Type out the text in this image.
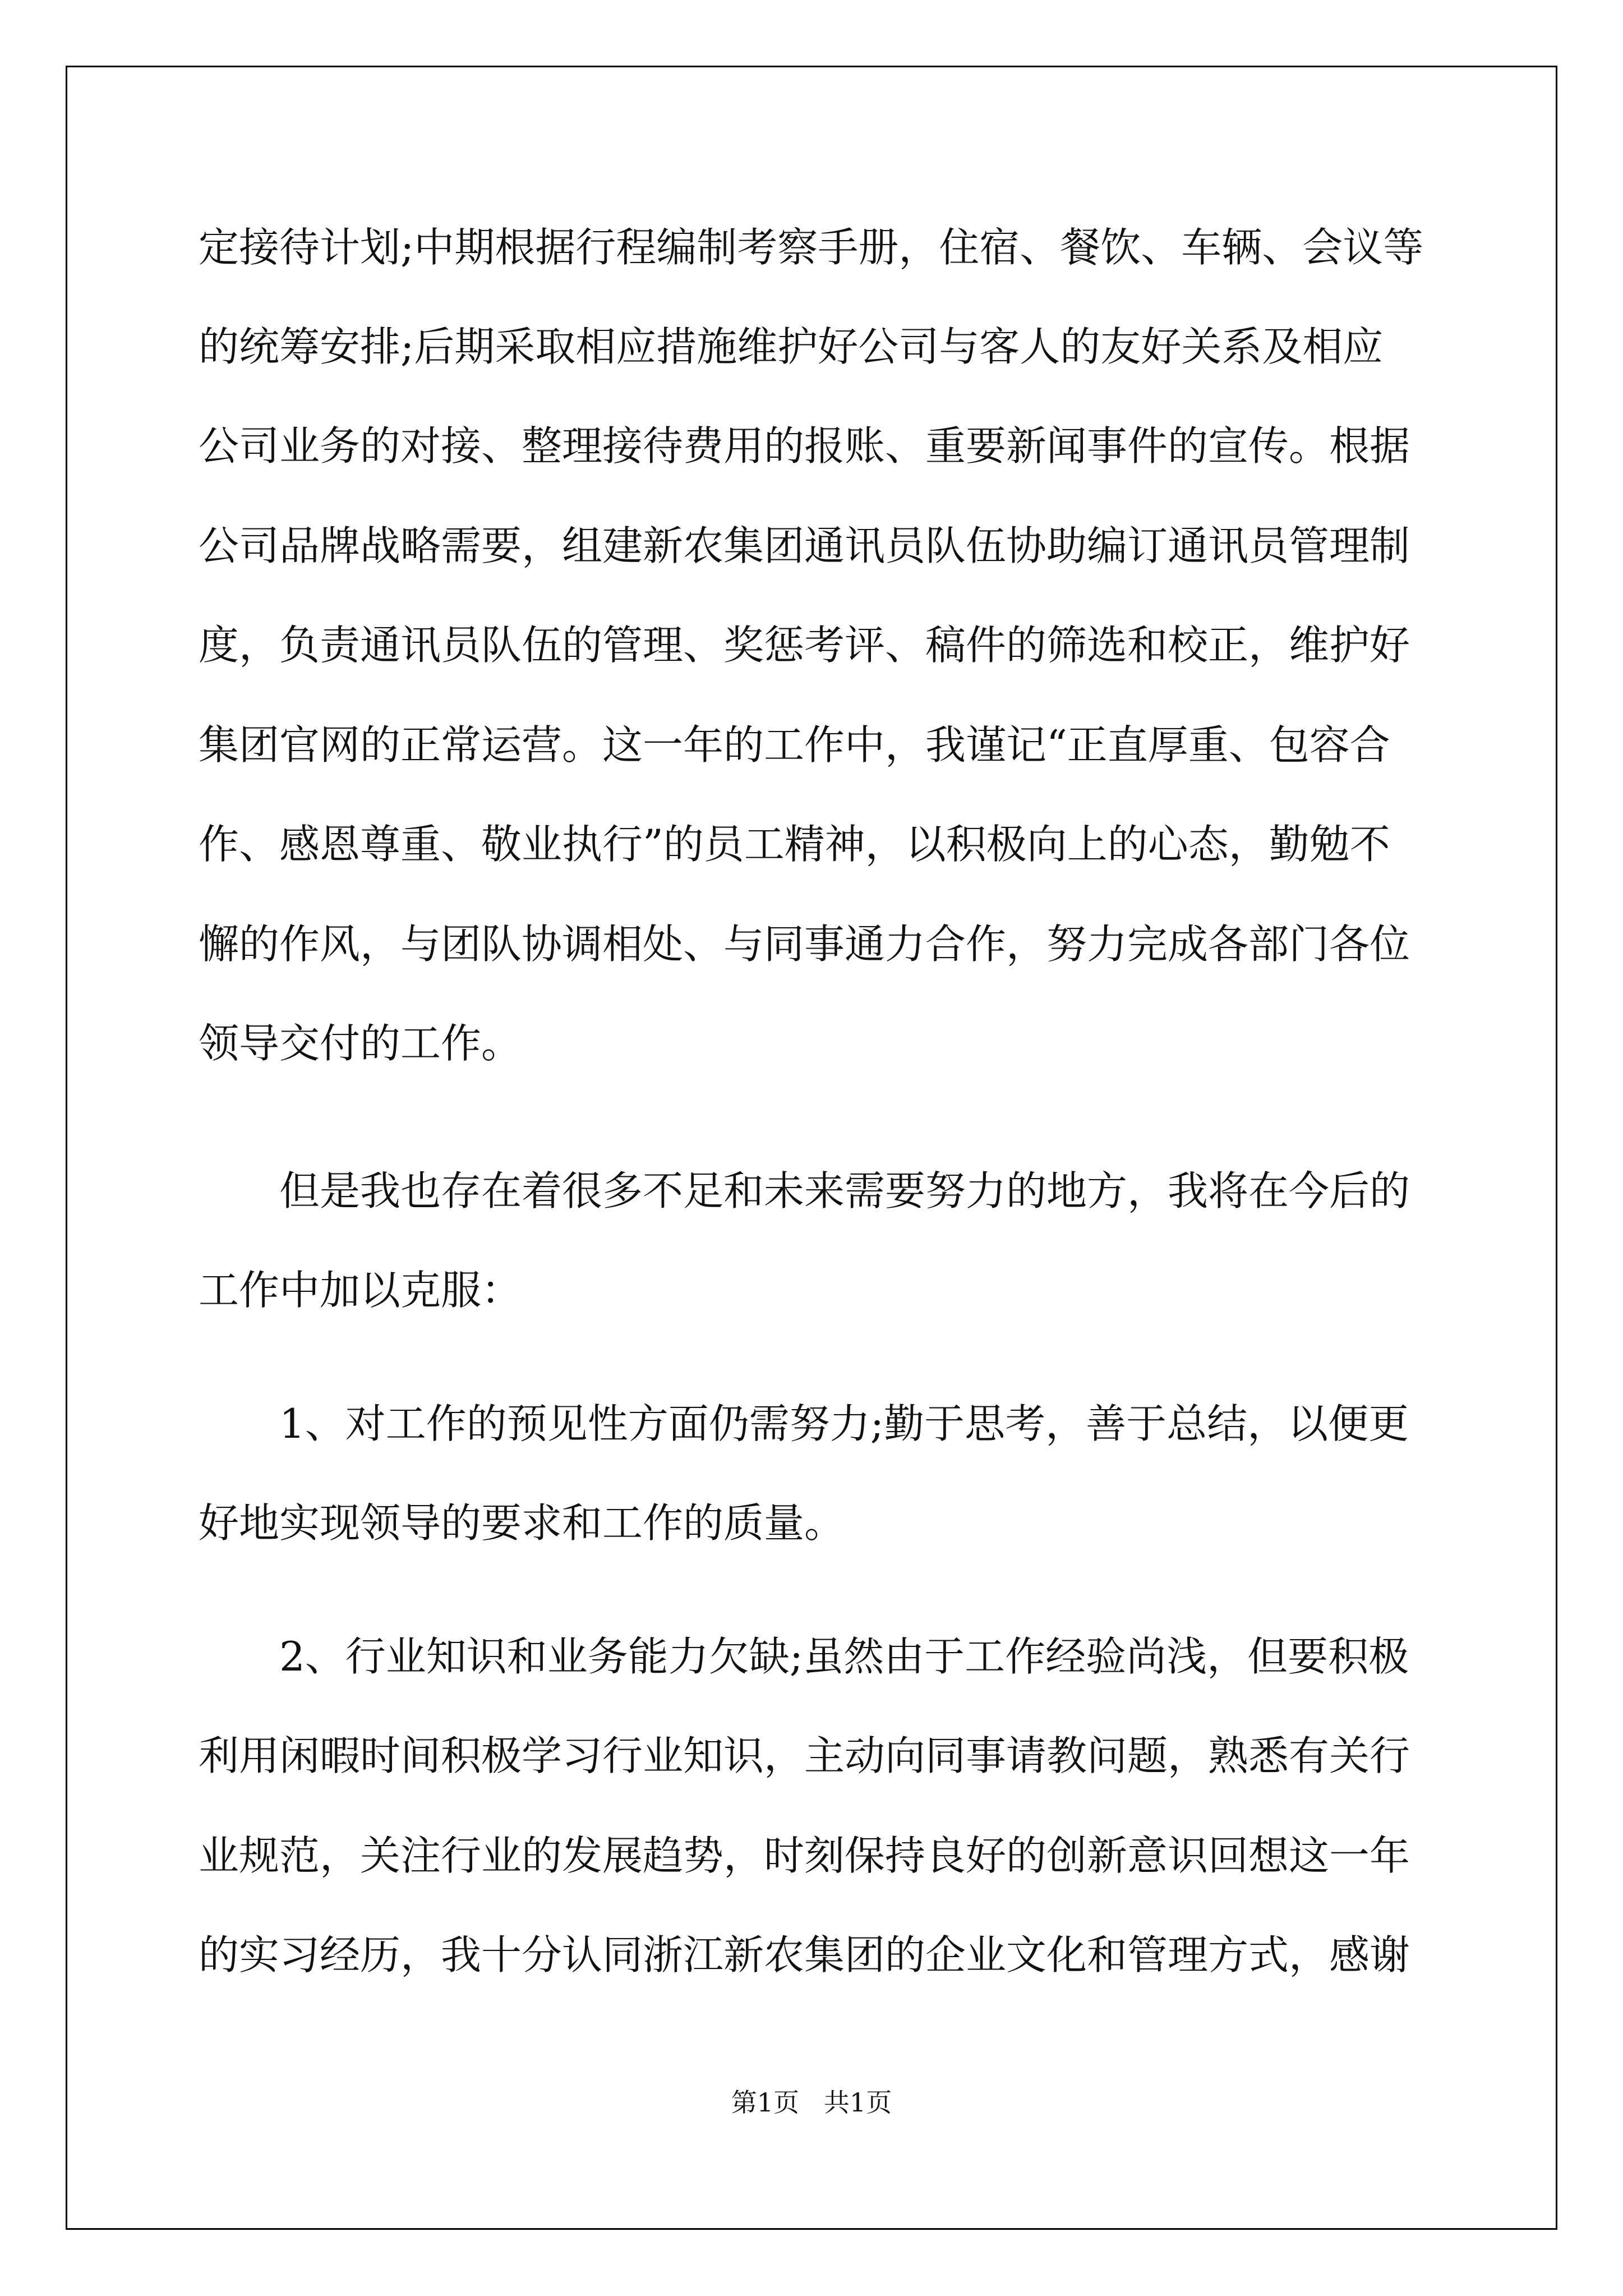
定接待计划;中期根据行程编制考察手册，住宿、餐饮、车辆、会议等
的统筹安排;后期采取相应措施维护好公司与客人的友好关系及相应
公司业务的对接、整理接待费用的报账、重要新闻事件的宣传。根据
公司品牌战略需要，组建新农集团通讯员队伍协助编订通讯员管理制
度，负责通讯员队伍的管理、奖惩考评、稿件的筛选和校正，维护好
集团官网的正常运营。这一年的工作中，我谨记“正直厚重、包容合
作、感恩尊重、敬业执行”的员工精神，以积极向上的心态，勤勉不
懈的作风，与团队协调相处、与同事通力合作，努力完成各部门各位
领导交付的工作。
但是我也存在着很多不足和未来需要努力的地方，我将在今后的
工作中加以克服：
1、对工作的预见性方面仍需努力;勤于思考，善于总结，以便更
好地实现领导的要求和工作的质量。
2、行业知识和业务能力欠缺;虽然由于工作经验尚浅，但要积极
利用闲暇时间积极学习行业知识，主动向同事请教问题，熟悉有关行
业规范，关注行业的发展趋势，时刻保持良好的创新意识回想这一年
的实习经历，我十分认同浙江新农集团的企业文化和管理方式，感谢
第1页   共1页
